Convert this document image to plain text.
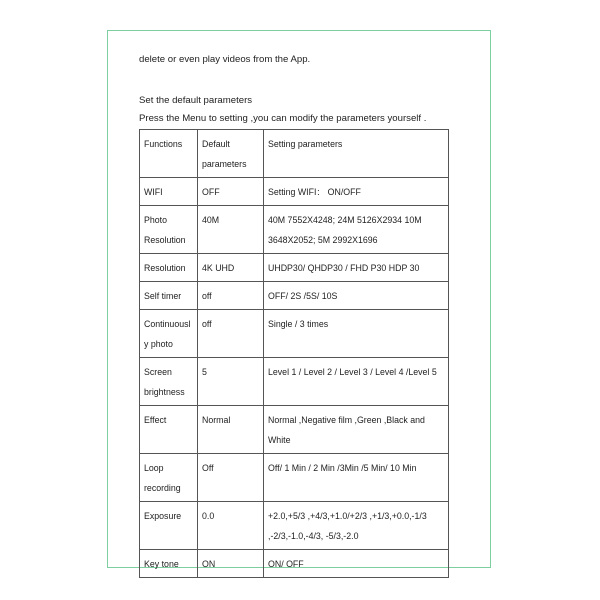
delete or even play videos from the App.
Set the default parameters
Press the Menu to setting ,you can modify the parameters yourself .
Functions	Default parameters	Setting parameters
WIFI	OFF	Setting WIFI： ON/OFF
Photo Resolution	40M	40M 7552X4248; 24M 5126X2934 10M 3648X2052; 5M 2992X1696
Resolution	4K UHD	UHDP30/ QHDP30 / FHD P30 HDP 30
Self timer	off	OFF/ 2S /5S/ 10S
Continuously photo	off	Single / 3 times
Screen brightness	5	Level 1 / Level 2 / Level 3 / Level 4 /Level 5
Effect	Normal	Normal ,Negative film ,Green ,Black and White
Loop recording	Off	Off/ 1 Min / 2 Min /3Min /5 Min/ 10 Min
Exposure	0.0	+2.0,+5/3 ,+4/3,+1.0/+2/3 ,+1/3,+0.0,-1/3 ,-2/3,-1.0,-4/3, -5/3,-2.0
Key tone	ON	ON/ OFF
